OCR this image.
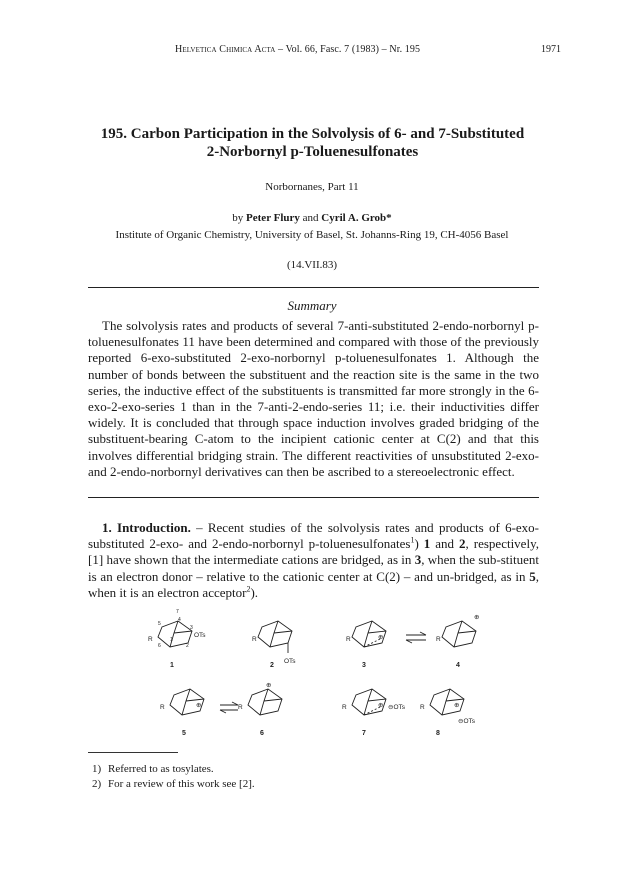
Helvetica Chimica Acta – Vol. 66, Fasc. 7 (1983) – Nr. 195	1971
195. Carbon Participation in the Solvolysis of 6- and 7-Substituted
2-Norbornyl p-Toluenesulfonates
Norbornanes, Part 11
by Peter Flury and Cyril A. Grob*
Institute of Organic Chemistry, University of Basel, St. Johanns-Ring 19, CH-4056 Basel
(14.VII.83)
Summary
The solvolysis rates and products of several 7-anti-substituted 2-endo-norbornyl p-toluenesulfonates 11 have been determined and compared with those of the previously reported 6-exo-substituted 2-exo-norbornyl p-toluenesulfonates 1. Although the number of bonds between the substituent and the reaction site is the same in the two series, the inductive effect of the substituents is transmitted far more strongly in the 6-exo-2-exo-series 1 than in the 7-anti-2-endo-series 11; i.e. their inductivities differ widely. It is concluded that through space induction involves graded bridging of the substituent-bearing C-atom to the incipient cationic center at C(2) and that this involves differential bridging strain. The different reactivities of unsubstituted 2-exo- and 2-endo-norbornyl derivatives can then be ascribed to a stereoelectronic effect.
1. Introduction. – Recent studies of the solvolysis rates and products of 6-exo-substituted 2-exo- and 2-endo-norbornyl p-toluenesulfonates$^1$) 1 and 2, respectively, [1] have shown that the intermediate cations are bridged, as in 3, when the sub-stituent is an electron donor – relative to the cationic center at C(2) – and un-bridged, as in 5, when it is an electron acceptor$^2$).
R	R	R	R
R	R	R	R
OTs
OTs
⊖OTs
⊖OTs
⊕
⊕
⊕
⊕
⊕	⊕
7
5
4
3
1
6	2
1	2	3	4
5	6	7	8
1) Referred to as tosylates.
2) For a review of this work see [2].
